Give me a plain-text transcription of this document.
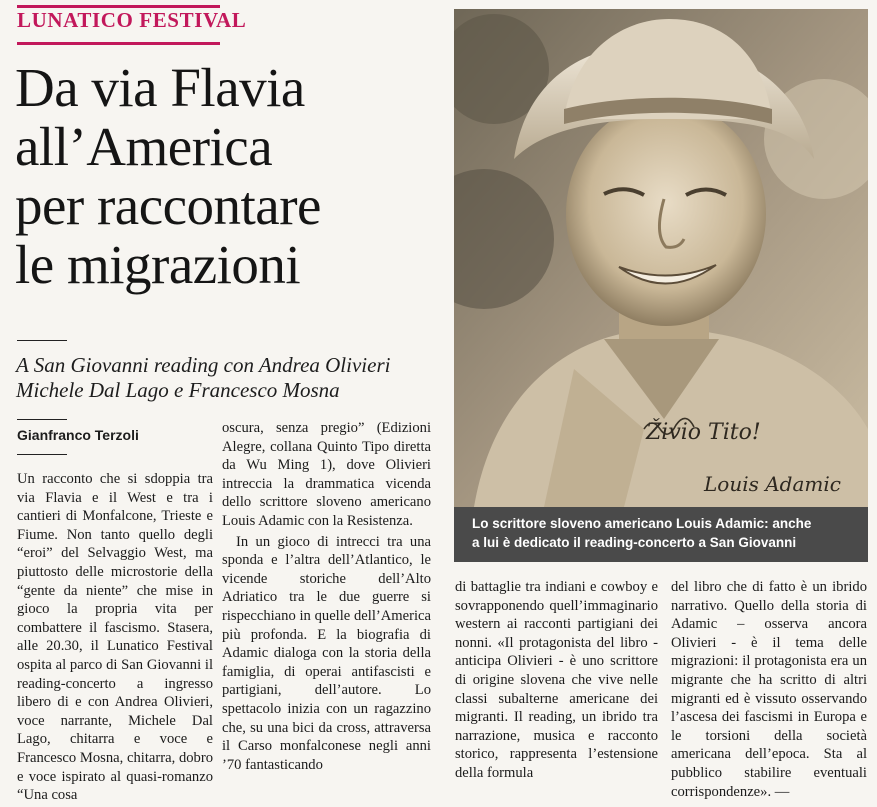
LUNATICO FESTIVAL
Da via Flavia
all’America
per raccontare
le migrazioni
A San Giovanni reading con Andrea Olivieri
Michele Dal Lago e Francesco Mosna
Gianfranco Terzoli

Un racconto che si sdoppia tra via Flavia e il West e tra i cantieri di Monfalcone, Trieste e Fiume. Non tanto quello degli “eroi” del Selvaggio West, ma piuttosto delle microstorie della “gente da niente” che mise in gioco la propria vita per combattere il fascismo. Stasera, alle 20.30, il Lunatico Festival ospita al parco di San Giovanni il reading-concerto a ingresso libero di e con Andrea Olivieri, voce narrante, Michele Dal Lago, chitarra e voce e Francesco Mosna, chitarra, dobro e voce ispirato al quasi-romanzo “Una cosa

oscura, senza pregio” (Edizioni Alegre, collana Quinto Tipo diretta da Wu Ming 1), dove Olivieri intreccia la drammatica vicenda dello scrittore sloveno americano Louis Adamic con la Resistenza.

In un gioco di intrecci tra una sponda e l’altra dell’Atlantico, le vicende storiche dell’Alto Adriatico tra le due guerre si rispecchiano in quelle dell’America più profonda. E la biografia di Adamic dialoga con la storia della famiglia, di operai antifascisti e partigiani, dell’autore. Lo spettacolo inizia con un ragazzino che, su una bici da cross, attraversa il Carso monfalconese negli anni ’70 fantasticando

Živio Tito!
Louis Adamic
Lo scrittore sloveno americano Louis Adamic: anche
a lui è dedicato il reading-concerto a San Giovanni

di battaglie tra indiani e cowboy e sovrapponendo quell’immaginario western ai racconti partigiani dei nonni. «Il protagonista del libro - anticipa Olivieri - è uno scrittore di origine slovena che vive nelle classi subalterne americane dei migranti. Il reading, un ibrido tra narrazione, musica e racconto storico, rappresenta l’estensione della formula

del libro che di fatto è un ibrido narrativo. Quello della storia di Adamic – osserva ancora Olivieri - è il tema delle migrazioni: il protagonista era un migrante che ha scritto di altri migranti ed è vissuto osservando l’ascesa dei fascismi in Europa e le torsioni della società americana dell’epoca. Sta al pubblico stabilire eventuali corrispondenze». —
